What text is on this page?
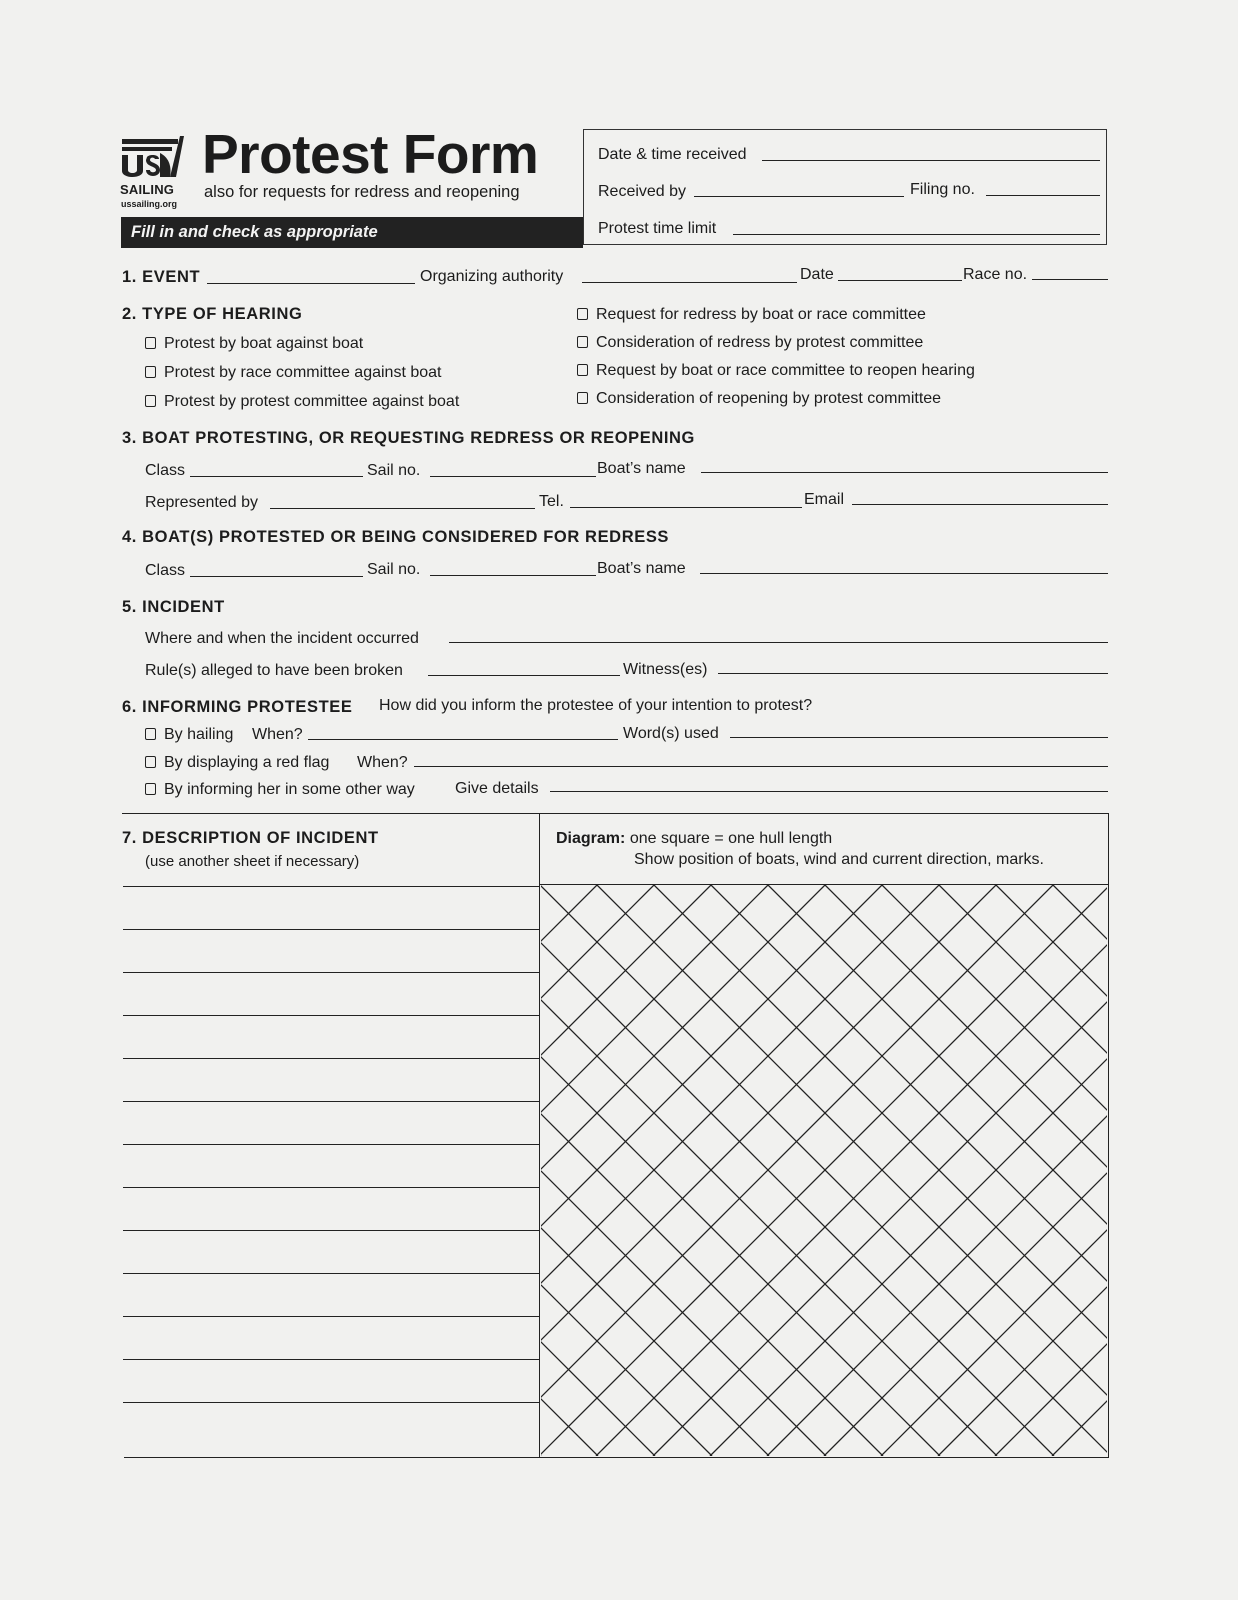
SAILING
ussailing.org
Protest Form
also for requests for redress and reopening
Fill in and check as appropriate
Date & time received
Received by	Filing no.
Protest time limit
1. EVENT	Organizing authority	Date	Race no.
2. TYPE OF HEARING
Protest by boat against boat
Protest by race committee against boat
Protest by protest committee against boat
Request for redress by boat or race committee
Consideration of redress by protest committee
Request by boat or race committee to reopen hearing
Consideration of reopening by protest committee
3. BOAT PROTESTING, OR REQUESTING REDRESS OR REOPENING
Class	Sail no.	Boat’s name
Represented by	Tel.	Email
4. BOAT(S) PROTESTED OR BEING CONSIDERED FOR REDRESS
Class	Sail no.	Boat’s name
5. INCIDENT
Where and when the incident occurred
Rule(s) alleged to have been broken	Witness(es)
6. INFORMING PROTESTEE How did you inform the protestee of your intention to protest?
By hailing When?	Word(s) used
By displaying a red flag When?
By informing her in some other way	Give details
7. DESCRIPTION OF INCIDENT
(use another sheet if necessary)
Diagram: one square = one hull length
Show position of boats, wind and current direction, marks.
